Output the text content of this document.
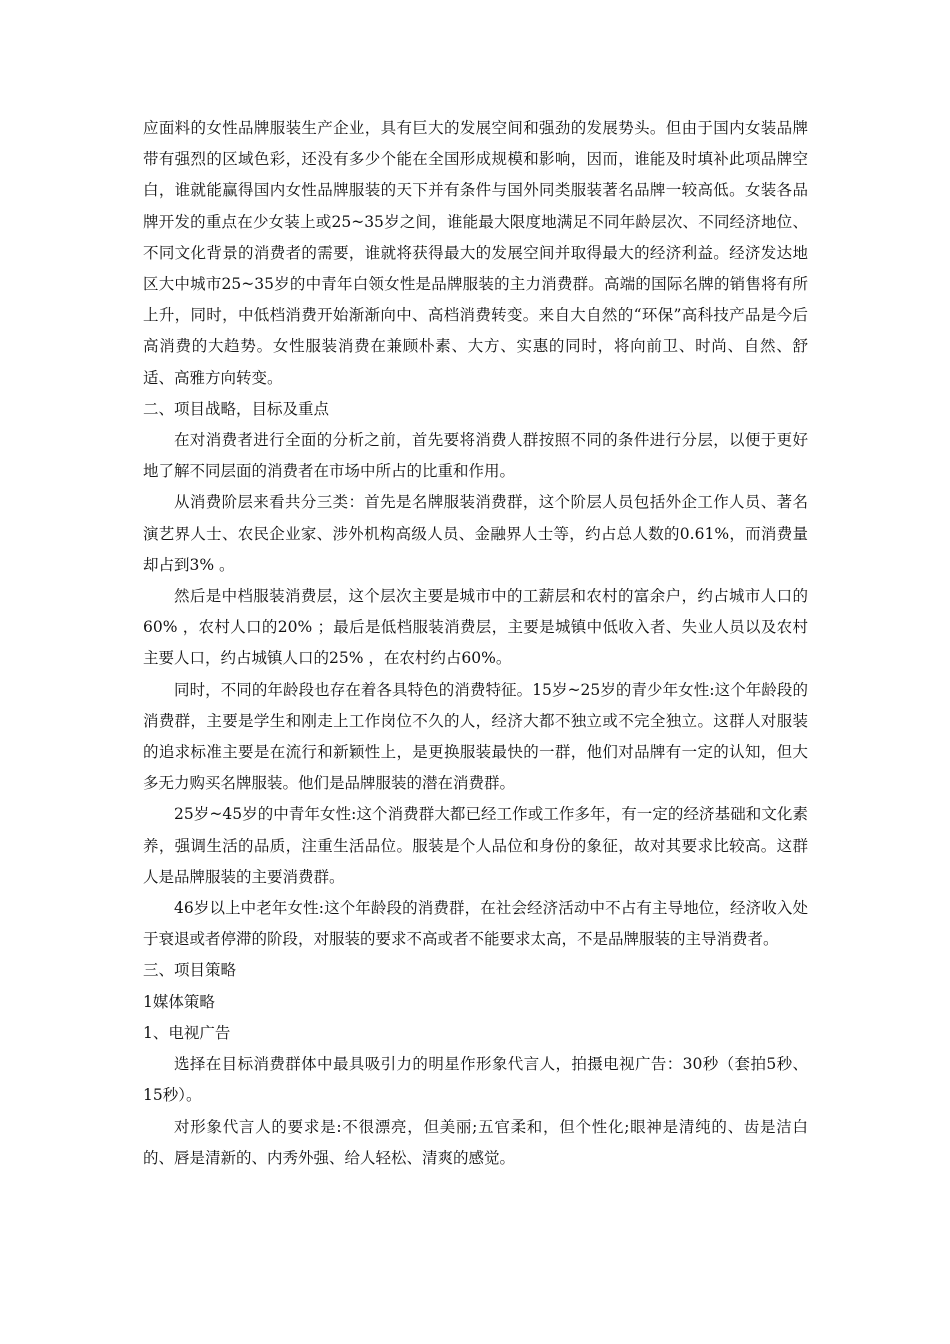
应面料的女性品牌服装生产企业，具有巨大的发展空间和强劲的发展势头。但由于国内女装品牌带有强烈的区域色彩，还没有多少个能在全国形成规模和影响，因而，谁能及时填补此项品牌空白，谁就能赢得国内女性品牌服装的天下并有条件与国外同类服装著名品牌一较高低。女装各品牌开发的重点在少女装上或25~35岁之间，谁能最大限度地满足不同年龄层次、不同经济地位、不同文化背景的消费者的需要，谁就将获得最大的发展空间并取得最大的经济利益。经济发达地区大中城市25~35岁的中青年白领女性是品牌服装的主力消费群。高端的国际名牌的销售将有所上升，同时，中低档消费开始渐渐向中、高档消费转变。来自大自然的“环保”高科技产品是今后高消费的大趋势。女性服装消费在兼顾朴素、大方、实惠的同时，将向前卫、时尚、自然、舒适、高雅方向转变。

二、项目战略，目标及重点

在对消费者进行全面的分析之前，首先要将消费人群按照不同的条件进行分层，以便于更好地了解不同层面的消费者在市场中所占的比重和作用。

从消费阶层来看共分三类：首先是名牌服装消费群，这个阶层人员包括外企工作人员、著名演艺界人士、农民企业家、涉外机构高级人员、金融界人士等，约占总人数的0.61%，而消费量却占到3% 。

然后是中档服装消费层，这个层次主要是城市中的工薪层和农村的富余户，约占城市人口的60% ，农村人口的20% ；最后是低档服装消费层，主要是城镇中低收入者、失业人员以及农村主要人口，约占城镇人口的25% ，在农村约占60%。

同时，不同的年龄段也存在着各具特色的消费特征。15岁~25岁的青少年女性:这个年龄段的消费群，主要是学生和刚走上工作岗位不久的人，经济大都不独立或不完全独立。这群人对服装的追求标准主要是在流行和新颖性上，是更换服装最快的一群，他们对品牌有一定的认知，但大多无力购买名牌服装。他们是品牌服装的潜在消费群。

25岁~45岁的中青年女性:这个消费群大都已经工作或工作多年，有一定的经济基础和文化素养，强调生活的品质，注重生活品位。服装是个人品位和身份的象征，故对其要求比较高。这群人是品牌服装的主要消费群。

46岁以上中老年女性:这个年龄段的消费群，在社会经济活动中不占有主导地位，经济收入处于衰退或者停滞的阶段，对服装的要求不高或者不能要求太高，不是品牌服装的主导消费者。

三、项目策略

1媒体策略

1、电视广告

选择在目标消费群体中最具吸引力的明星作形象代言人，拍摄电视广告：30秒（套拍5秒、15秒）。

对形象代言人的要求是:不很漂亮，但美丽;五官柔和，但个性化;眼神是清纯的、齿是洁白的、唇是清新的、内秀外强、给人轻松、清爽的感觉。
